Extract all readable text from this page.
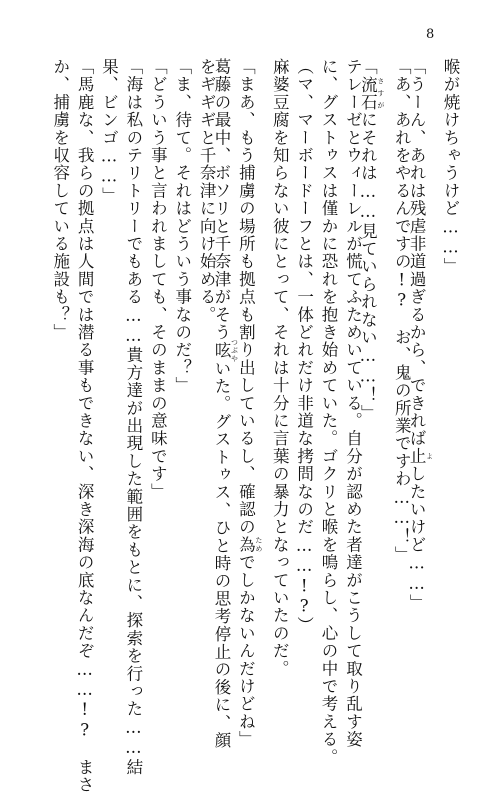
8
喉が焼けちゃうけど……」
「うーん、あれは残虐非道過ぎるから、できれば止 よしたいけど……」
「あ、あれをやるんですの!?　お、鬼の所業ですわ……！」
「流石 さすがにそれは……見ていられない……！」
テレーゼとウィーレルが慌てふためいている。自分が認めた者達がこうして取り乱す姿
に、グストゥスは僅かに恐れを抱き始めていた。ゴクリと喉を鳴らし、心の中で考える。
（マ、マーボードーフとは、一体どれだけ非道な拷問なのだ……!?）
麻婆豆腐を知らない彼にとって、それは十分に言葉の暴力となっていたのだ。
「まあ、もう捕虜の場所も拠点も割り出しているし、確認の為 ためでしかないんだけどね」
葛藤の最中、ボソリと千奈津がそう呟 つぶやいた。グストゥス、ひと時の思考停止の後に、顔
をギギギと千奈津に向け始める。
「ま、待て。それはどういう事なのだ？」
「どういう事と言われましても、そのままの意味です」
「海は私のテリトリーでもある……貴方達が出現した範囲をもとに、探索を行った……結
果、ビンゴ……」
「馬鹿な、我らの拠点は人間では潜る事もできない、深き深海の底なんだぞ……!?　まさ
か、捕虜を収容している施設も？」
